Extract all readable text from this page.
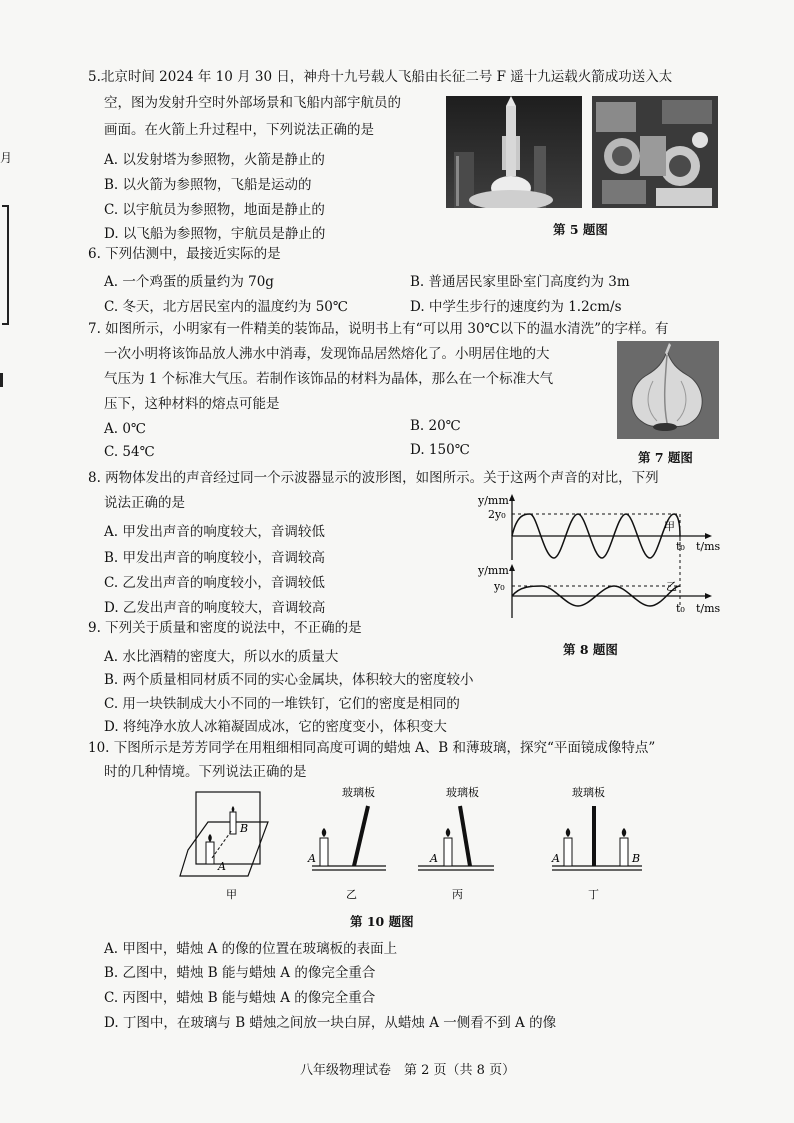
月
5.北京时间 2024 年 10 月 30 日，神舟十九号载人飞船由长征二号 F 遥十九运载火箭成功送入太
空，图为发射升空时外部场景和飞船内部宇航员的
画面。在火箭上升过程中，下列说法正确的是
A. 以发射塔为参照物，火箭是静止的
B. 以火箭为参照物，飞船是运动的
C. 以宇航员为参照物，地面是静止的
D. 以飞船为参照物，宇航员是静止的	第 5 题图
6. 下列估测中，最接近实际的是
A. 一个鸡蛋的质量约为 70g	B. 普通居民家里卧室门高度约为 3m
C. 冬天，北方居民室内的温度约为 50℃	D. 中学生步行的速度约为 1.2cm/s
7. 如图所示，小明家有一件精美的装饰品，说明书上有“可以用 30℃以下的温水清洗”的字样。有
一次小明将该饰品放人沸水中消毒，发现饰品居然熔化了。小明居住地的大
气压为 1 个标准大气压。若制作该饰品的材料为晶体，那么在一个标准大气
压下，这种材料的熔点可能是
A. 0℃	B. 20℃
C. 54℃	D. 150℃	第 7 题图
8. 两物体发出的声音经过同一个示波器显示的波形图，如图所示。关于这两个声音的对比，下列
说法正确的是
A. 甲发出声音的响度较大，音调较低
B. 甲发出声音的响度较小，音调较高
C. 乙发出声音的响度较小，音调较低
D. 乙发出声音的响度较大，音调较高
y/mm
2y₀
甲
t₀ t/ms
y/mm
y₀	乙
t₀ t/ms
第 8 题图
9. 下列关于质量和密度的说法中，不正确的是
A. 水比酒精的密度大，所以水的质量大
B. 两个质量相同材质不同的实心金属块，体积较大的密度较小
C. 用一块铁制成大小不同的一堆铁钉，它们的密度是相同的
D. 将纯净水放人冰箱凝固成冰，它的密度变小，体积变大
10. 下图所示是芳芳同学在用粗细相同高度可调的蜡烛 A、B 和薄玻璃，探究“平面镜成像特点”
时的几种情境。下列说法正确的是
B
A
甲
玻璃板
A
乙
玻璃板
A
丙
玻璃板
A	B
丁
第 10 题图
A. 甲图中，蜡烛 A 的像的位置在玻璃板的表面上
B. 乙图中，蜡烛 B 能与蜡烛 A 的像完全重合
C. 丙图中，蜡烛 B 能与蜡烛 A 的像完全重合
D. 丁图中，在玻璃与 B 蜡烛之间放一块白屏，从蜡烛 A 一侧看不到 A 的像
八年级物理试卷　第 2 页（共 8 页）
